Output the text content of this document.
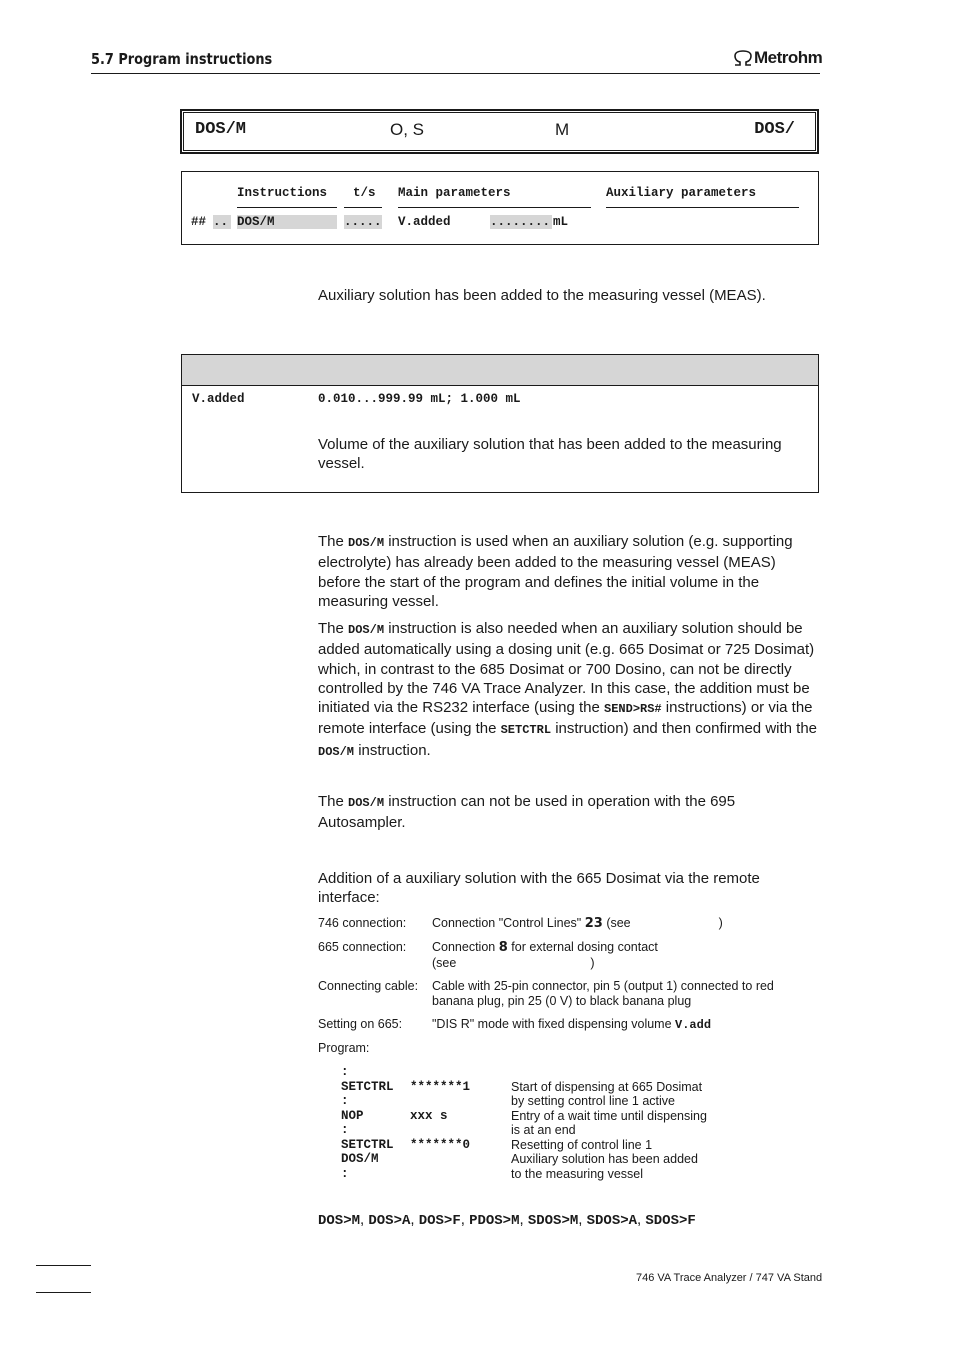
5.7 Program instructions	Metrohm
DOS/M	O, S	M	DOS/
Instructions t/s Main parameters	Auxiliary parameters
## .. DOS/M	..... V.added	........ mL
Auxiliary solution has been added to the measuring vessel (MEAS).
V.added	0.010...999.99 mL; 1.000 mL
Volume of the auxiliary solution that has been added to the measuring vessel.
The DOS/M instruction is used when an auxiliary solution (e.g. supporting electrolyte) has already been added to the measuring vessel (MEAS) before the start of the program and defines the initial volume in the measuring vessel.
The DOS/M instruction is also needed when an auxiliary solution should be added automatically using a dosing unit (e.g. 665 Dosimat or 725 Dosimat) which, in contrast to the 685 Dosimat or 700 Dosino, can not be directly controlled by the 746 VA Trace Analyzer. In this case, the addition must be initiated via the RS232 interface (using the SEND>RS# instructions) or via the remote interface (using the SETCTRL instruction) and then confirmed with the DOS/M instruction.
The DOS/M instruction can not be used in operation with the 695 Autosampler.
Addition of a auxiliary solution with the 665 Dosimat via the remote interface:
746 connection: Connection "Control Lines" 23 (see	)
665 connection: Connection 8 for external dosing contact
(see	)
Connecting cable: Cable with 25-pin connector, pin 5 (output 1) connected to red banana plug, pin 25 (0 V) to black banana plug
Setting on 665: "DIS R" mode with fixed dispensing volume V.add
Program:
:
SETCTRL *******1	Start of dispensing at 665 Dosimat
:	by setting control line 1 active
NOP	xxx s	Entry of a wait time until dispensing
:	is at an end
SETCTRL *******0	Resetting of control line 1
DOS/M	Auxiliary solution has been added
:	to the measuring vessel
DOS>M, DOS>A, DOS>F, PDOS>M, SDOS>M, SDOS>A, SDOS>F
746 VA Trace Analyzer / 747 VA Stand
